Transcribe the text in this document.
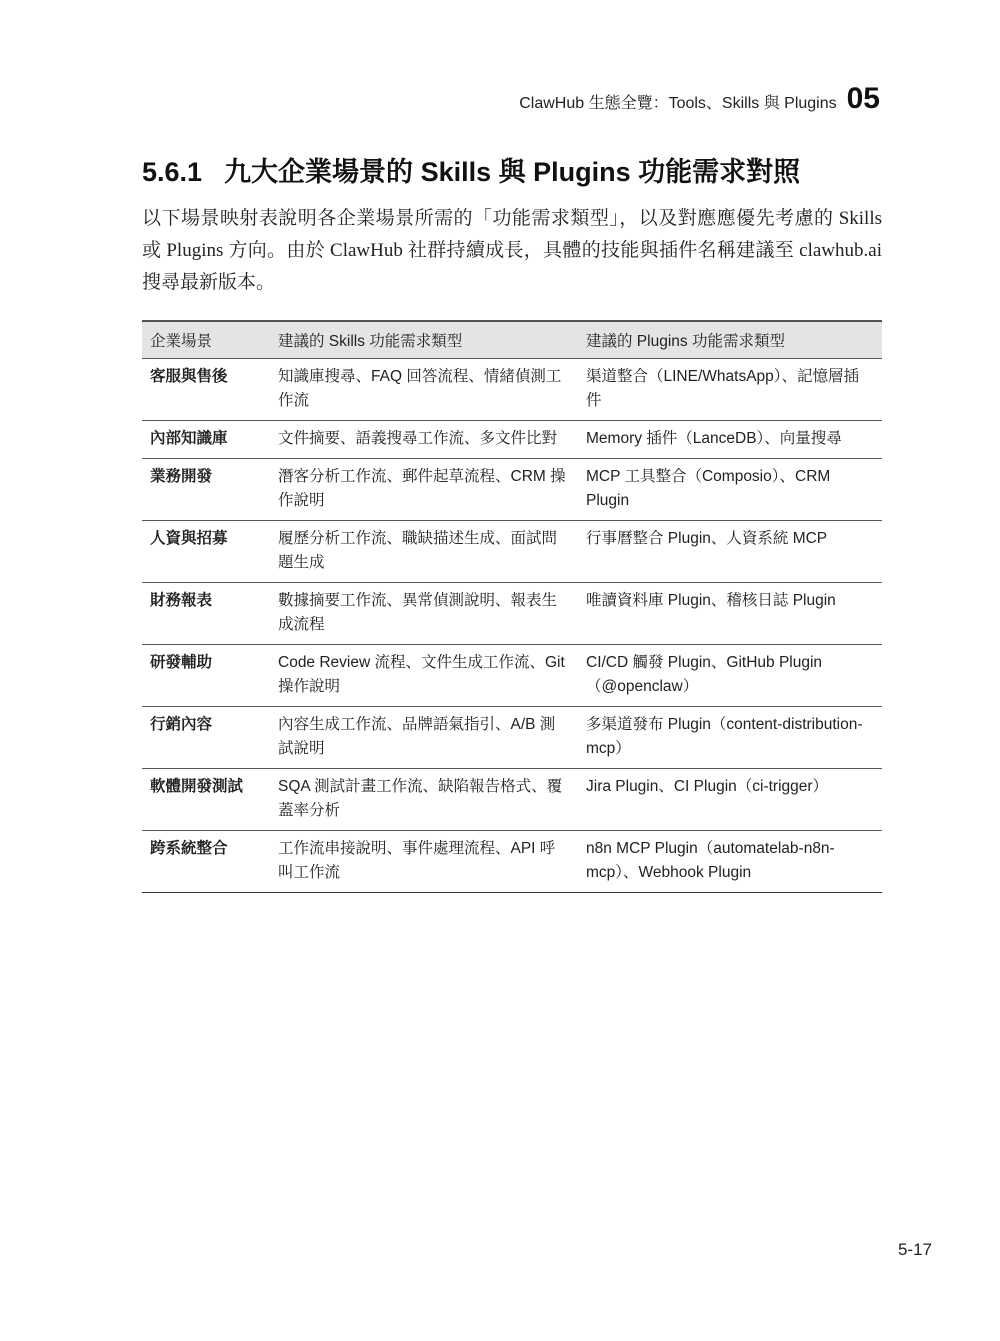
ClawHub 生態全覽：Tools、Skills 與 Plugins 05
5.6.1 九大企業場景的 Skills 與 Plugins 功能需求對照

以下場景映射表說明各企業場景所需的「功能需求類型」，以及對應應優先考慮的 Skills 或 Plugins 方向。由於 ClawHub 社群持續成長，具體的技能與插件名稱建議至 clawhub.ai 搜尋最新版本。

企業場景	建議的 Skills 功能需求類型	建議的 Plugins 功能需求類型
客服與售後	知識庫搜尋、FAQ 回答流程、情緒偵測工作流	渠道整合（LINE/WhatsApp）、記憶層插件
內部知識庫	文件摘要、語義搜尋工作流、多文件比對	Memory 插件（LanceDB）、向量搜尋
業務開發	潛客分析工作流、郵件起草流程、CRM 操作說明	MCP 工具整合（Composio）、CRM Plugin
人資與招募	履歷分析工作流、職缺描述生成、面試問題生成	行事曆整合 Plugin、人資系統 MCP
財務報表	數據摘要工作流、異常偵測說明、報表生成流程	唯讀資料庫 Plugin、稽核日誌 Plugin
研發輔助	Code Review 流程、文件生成工作流、Git 操作說明	CI/CD 觸發 Plugin、GitHub Plugin（@openclaw）
行銷內容	內容生成工作流、品牌語氣指引、A/B 測試說明	多渠道發布 Plugin（content-distribution-mcp）
軟體開發測試	SQA 測試計畫工作流、缺陷報告格式、覆蓋率分析	Jira Plugin、CI Plugin（ci-trigger）
跨系統整合	工作流串接說明、事件處理流程、API 呼叫工作流	n8n MCP Plugin（automatelab-n8n-mcp）、Webhook Plugin
5-17
